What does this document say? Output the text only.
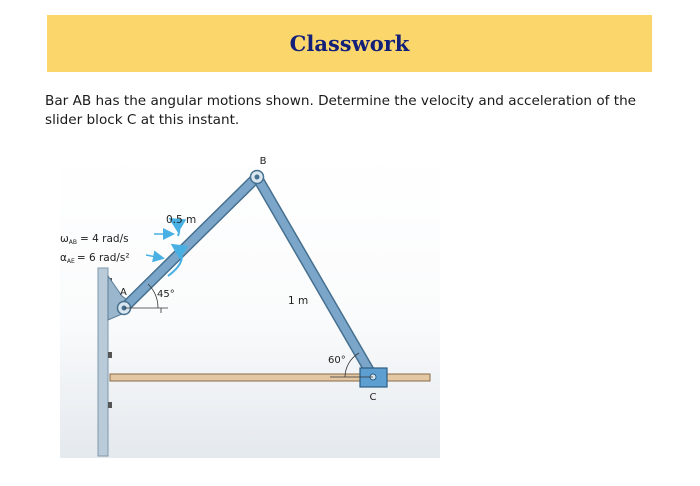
Classwork
Bar AB has the angular motions shown. Determine the velocity and acceleration of the slider block C at this instant.
B
A
C
0.5 m
1 m
45°
60°
ωAB = 4 rad/s
αAE = 6 rad/s²
